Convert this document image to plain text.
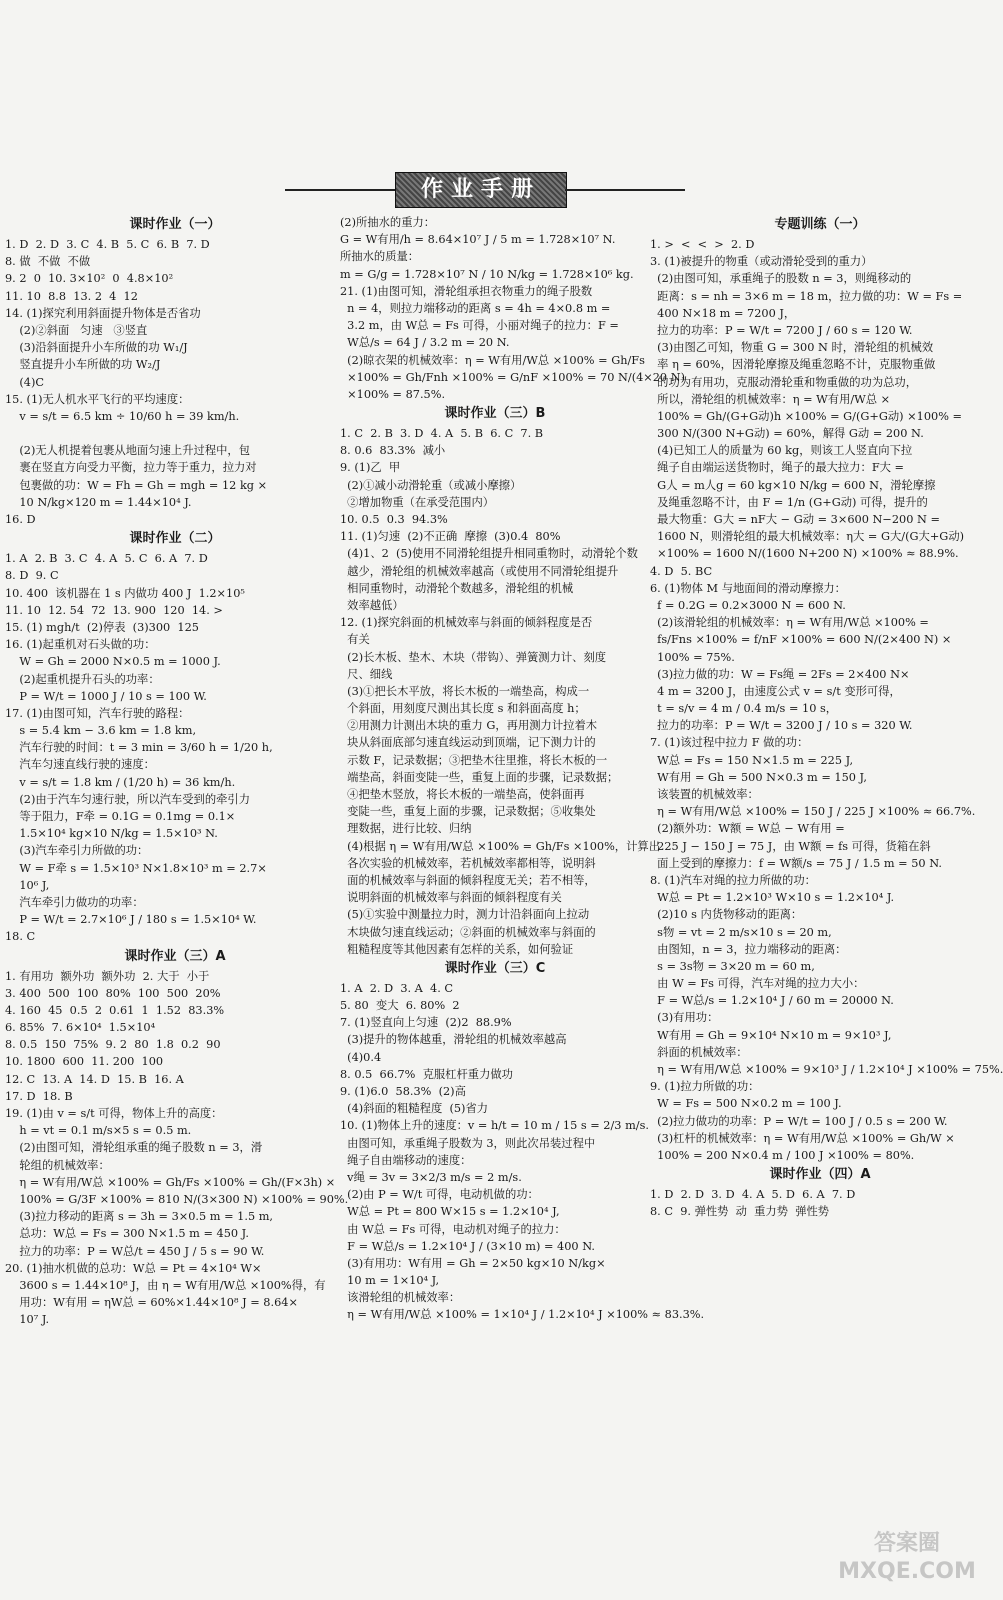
作业手册
课时作业（一）
1. D  2. D  3. C  4. B  5. C  6. B  7. D
8. 做  不做  不做
9. 2  0  10. 3×10²  0  4.8×10²
11. 10  8.8  13. 2  4  12
14. (1)探究利用斜面提升物体是否省功
(2)②斜面   匀速   ③竖直
(3)沿斜面提升小车所做的功 W₁/J
竖直提升小车所做的功 W₂/J
(4)C
15. (1)无人机水平飞行的平均速度：
v = s/t = 6.5 km ÷ 10/60 h = 39 km/h.
(2)无人机提着包裹从地面匀速上升过程中，包
裹在竖直方向受力平衡，拉力等于重力，拉力对
包裹做的功：W = Fh = Gh = mgh = 12 kg ×
10 N/kg×120 m = 1.44×10⁴ J.
16. D
课时作业（二）
1. A  2. B  3. C  4. A  5. C  6. A  7. D
8. D  9. C
10. 400  该机器在 1 s 内做功 400 J  1.2×10⁵
11. 10  12. 54  72  13. 900  120  14. >
15. (1) mgh/t  (2)停表  (3)300  125
16. (1)起重机对石头做的功：
W = Gh = 2000 N×0.5 m = 1000 J.
(2)起重机提升石头的功率：
P = W/t = 1000 J / 10 s = 100 W.
17. (1)由图可知，汽车行驶的路程：
s = 5.4 km − 3.6 km = 1.8 km,
汽车行驶的时间：t = 3 min = 3/60 h = 1/20 h,
汽车匀速直线行驶的速度：
v = s/t = 1.8 km / (1/20 h) = 36 km/h.
(2)由于汽车匀速行驶，所以汽车受到的牵引力
等于阻力，F牵 = 0.1G = 0.1mg = 0.1×
1.5×10⁴ kg×10 N/kg = 1.5×10³ N.
(3)汽车牵引力所做的功：
W = F牵 s = 1.5×10³ N×1.8×10³ m = 2.7×
10⁶ J,
汽车牵引力做功的功率：
P = W/t = 2.7×10⁶ J / 180 s = 1.5×10⁴ W.
18. C
课时作业（三）A
1. 有用功  额外功  额外功  2. 大于  小于
3. 400  500  100  80%  100  500  20%
4. 160  45  0.5  2  0.61  1  1.52  83.3%
6. 85%  7. 6×10⁴  1.5×10⁴
8. 0.5  150  75%  9. 2  80  1.8  0.2  90
10. 1800  600  11. 200  100
12. C  13. A  14. D  15. B  16. A
17. D  18. B
19. (1)由 v = s/t 可得，物体上升的高度：
h = vt = 0.1 m/s×5 s = 0.5 m.
(2)由图可知，滑轮组承重的绳子股数 n = 3，滑
轮组的机械效率：
η = W有用/W总 ×100% = Gh/Fs ×100% = Gh/(F×3h) ×
100% = G/3F ×100% = 810 N/(3×300 N) ×100% = 90%.
(3)拉力移动的距离 s = 3h = 3×0.5 m = 1.5 m,
总功：W总 = Fs = 300 N×1.5 m = 450 J.
拉力的功率：P = W总/t = 450 J / 5 s = 90 W.
20. (1)抽水机做的总功：W总 = Pt = 4×10⁴ W×
3600 s = 1.44×10⁸ J，由 η = W有用/W总 ×100%得，有
用功：W有用 = ηW总 = 60%×1.44×10⁸ J = 8.64×
10⁷ J.
(2)所抽水的重力：
G = W有用/h = 8.64×10⁷ J / 5 m = 1.728×10⁷ N.
所抽水的质量：
m = G/g = 1.728×10⁷ N / 10 N/kg = 1.728×10⁶ kg.
21. (1)由图可知，滑轮组承担衣物重力的绳子股数
n = 4，则拉力端移动的距离 s = 4h = 4×0.8 m =
3.2 m，由 W总 = Fs 可得，小丽对绳子的拉力：F =
W总/s = 64 J / 3.2 m = 20 N.
(2)晾衣架的机械效率：η = W有用/W总 ×100% = Gh/Fs
×100% = Gh/Fnh ×100% = G/nF ×100% = 70 N/(4×20 N)
×100% = 87.5%.
课时作业（三）B
1. C  2. B  3. D  4. A  5. B  6. C  7. B
8. 0.6  83.3%  减小
9. (1)乙  甲
(2)①减小动滑轮重（或减小摩擦）
②增加物重（在承受范围内）
10. 0.5  0.3  94.3%
11. (1)匀速  (2)不正确  摩擦  (3)0.4  80%
(4)1、2  (5)使用不同滑轮组提升相同重物时，动滑轮个数
越少，滑轮组的机械效率越高（或使用不同滑轮组提升
相同重物时，动滑轮个数越多，滑轮组的机械
效率越低）
12. (1)探究斜面的机械效率与斜面的倾斜程度是否
有关
(2)长木板、垫木、木块（带钩）、弹簧测力计、刻度
尺、细线
(3)①把长木平放，将长木板的一端垫高，构成一
个斜面，用刻度尺测出其长度 s 和斜面高度 h；
②用测力计测出木块的重力 G，再用测力计拉着木
块从斜面底部匀速直线运动到顶端，记下测力计的
示数 F，记录数据；③把垫木往里推，将长木板的一
端垫高，斜面变陡一些，重复上面的步骤，记录数据；
④把垫木竖放，将长木板的一端垫高，使斜面再
变陡一些，重复上面的步骤，记录数据；⑤收集处
理数据，进行比较、归纳
(4)根据 η = W有用/W总 ×100% = Gh/Fs ×100%，计算出
各次实验的机械效率，若机械效率都相等，说明斜
面的机械效率与斜面的倾斜程度无关；若不相等，
说明斜面的机械效率与斜面的倾斜程度有关
(5)①实验中测量拉力时，测力计沿斜面向上拉动
木块做匀速直线运动；②斜面的机械效率与斜面的
粗糙程度等其他因素有怎样的关系，如何验证
课时作业（三）C
1. A  2. D  3. A  4. C
5. 80  变大  6. 80%  2
7. (1)竖直向上匀速  (2)2  88.9%
(3)提升的物体越重，滑轮组的机械效率越高
(4)0.4
8. 0.5  66.7%  克服杠杆重力做功
9. (1)6.0  58.3%  (2)高
(4)斜面的粗糙程度  (5)省力
10. (1)物体上升的速度：v = h/t = 10 m / 15 s = 2/3 m/s.
由图可知，承重绳子股数为 3，则此次吊装过程中
绳子自由端移动的速度：
v绳 = 3v = 3×2/3 m/s = 2 m/s.
(2)由 P = W/t 可得，电动机做的功：
W总 = Pt = 800 W×15 s = 1.2×10⁴ J,
由 W总 = Fs 可得，电动机对绳子的拉力：
F = W总/s = 1.2×10⁴ J / (3×10 m) = 400 N.
(3)有用功：W有用 = Gh = 2×50 kg×10 N/kg×
10 m = 1×10⁴ J,
该滑轮组的机械效率：
η = W有用/W总 ×100% = 1×10⁴ J / 1.2×10⁴ J ×100% ≈ 83.3%.
专题训练（一）
1. >  <  <  >  2. D
3. (1)被提升的物重（或动滑轮受到的重力）
(2)由图可知，承重绳子的股数 n = 3，则绳移动的
距离：s = nh = 3×6 m = 18 m，拉力做的功：W = Fs =
400 N×18 m = 7200 J，
拉力的功率：P = W/t = 7200 J / 60 s = 120 W.
(3)由图乙可知，物重 G = 300 N 时，滑轮组的机械效
率 η = 60%，因滑轮摩擦及绳重忽略不计，克服物重做
的功为有用功，克服动滑轮重和物重做的功为总功，
所以，滑轮组的机械效率：η = W有用/W总 ×
100% = Gh/(G+G动)h ×100% = G/(G+G动) ×100% =
300 N/(300 N+G动) = 60%，解得 G动 = 200 N.
(4)已知工人的质量为 60 kg，则该工人竖直向下拉
绳子自由端运送货物时，绳子的最大拉力：F大 =
G人 = m人g = 60 kg×10 N/kg = 600 N，滑轮摩擦
及绳重忽略不计，由 F = 1/n (G+G动) 可得，提升的
最大物重：G大 = nF大 − G动 = 3×600 N−200 N =
1600 N，则滑轮组的最大机械效率：η大 = G大/(G大+G动)
×100% = 1600 N/(1600 N+200 N) ×100% ≈ 88.9%.
4. D  5. BC
6. (1)物体 M 与地面间的滑动摩擦力：
f = 0.2G = 0.2×3000 N = 600 N.
(2)该滑轮组的机械效率：η = W有用/W总 ×100% =
fs/Fns ×100% = f/nF ×100% = 600 N/(2×400 N) ×
100% = 75%.
(3)拉力做的功：W = Fs绳 = 2Fs = 2×400 N×
4 m = 3200 J，由速度公式 v = s/t 变形可得，
t = s/v = 4 m / 0.4 m/s = 10 s，
拉力的功率：P = W/t = 3200 J / 10 s = 320 W.
7. (1)该过程中拉力 F 做的功：
W总 = Fs = 150 N×1.5 m = 225 J,
W有用 = Gh = 500 N×0.3 m = 150 J,
该装置的机械效率：
η = W有用/W总 ×100% = 150 J / 225 J ×100% ≈ 66.7%.
(2)额外功：W额 = W总 − W有用 =
225 J − 150 J = 75 J，由 W额 = fs 可得，货箱在斜
面上受到的摩擦力：f = W额/s = 75 J / 1.5 m = 50 N.
8. (1)汽车对绳的拉力所做的功：
W总 = Pt = 1.2×10³ W×10 s = 1.2×10⁴ J.
(2)10 s 内货物移动的距离：
s物 = vt = 2 m/s×10 s = 20 m,
由图知，n = 3，拉力端移动的距离：
s = 3s物 = 3×20 m = 60 m,
由 W = Fs 可得，汽车对绳的拉力大小：
F = W总/s = 1.2×10⁴ J / 60 m = 20000 N.
(3)有用功：
W有用 = Gh = 9×10⁴ N×10 m = 9×10³ J,
斜面的机械效率：
η = W有用/W总 ×100% = 9×10³ J / 1.2×10⁴ J ×100% = 75%.
9. (1)拉力所做的功：
W = Fs = 500 N×0.2 m = 100 J.
(2)拉力做功的功率：P = W/t = 100 J / 0.5 s = 200 W.
(3)杠杆的机械效率：η = W有用/W总 ×100% = Gh/W ×
100% = 200 N×0.4 m / 100 J ×100% = 80%.
课时作业（四）A
1. D  2. D  3. D  4. A  5. D  6. A  7. D
8. C  9. 弹性势  动  重力势  弹性势
答案圈
MXQE.COM
